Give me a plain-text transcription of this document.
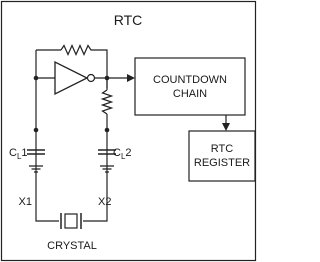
RTC
COUNTDOWN
CHAIN
RTC
REGISTER
$C_L1$	$C_L2$
X1	X2
CRYSTAL
